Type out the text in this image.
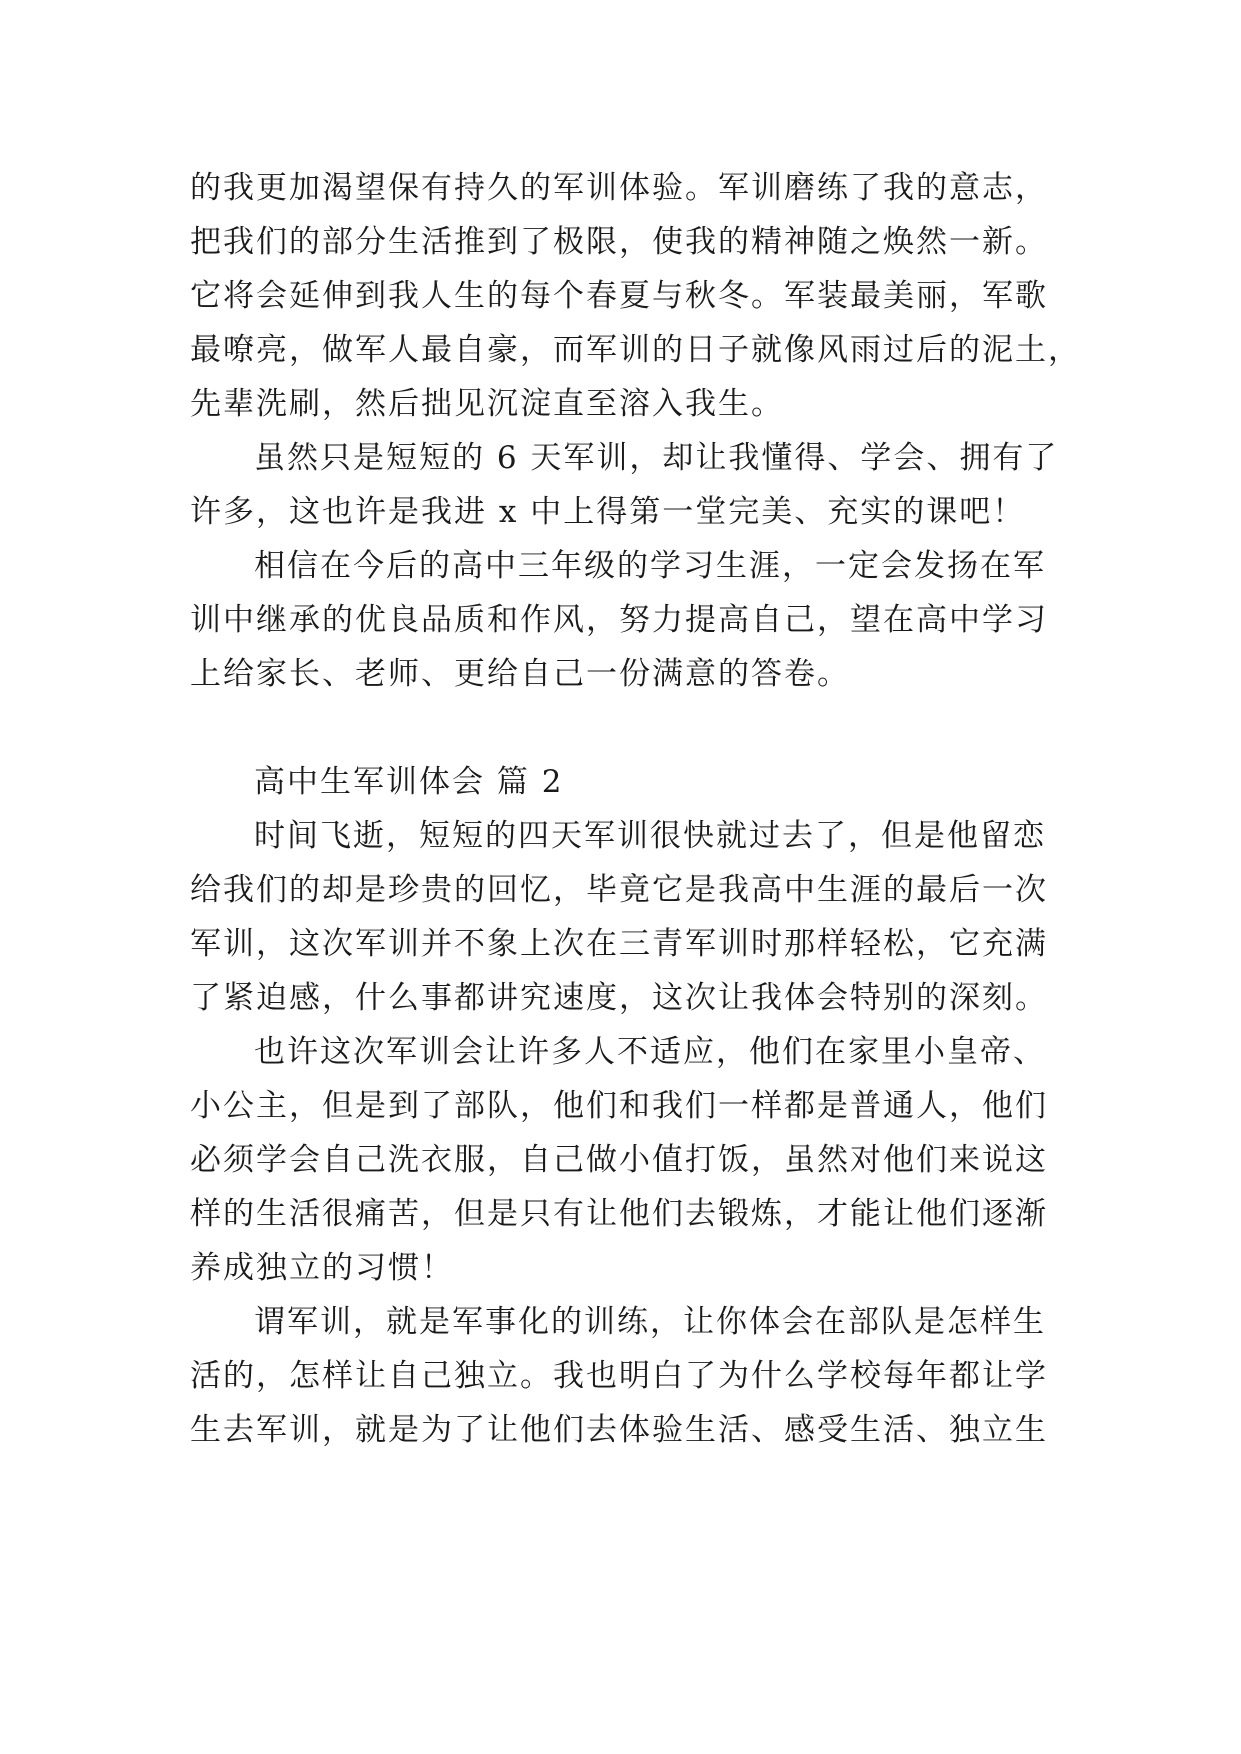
的我更加渴望保有持久的军训体验。军训磨练了我的意志，
把我们的部分生活推到了极限，使我的精神随之焕然一新。
它将会延伸到我人生的每个春夏与秋冬。军装最美丽，军歌
最嘹亮，做军人最自豪，而军训的日子就像风雨过后的泥土，
先辈洗刷，然后拙见沉淀直至溶入我生。
虽然只是短短的 6 天军训，却让我懂得、学会、拥有了
许多，这也许是我进 x 中上得第一堂完美、充实的课吧！
相信在今后的高中三年级的学习生涯，一定会发扬在军
训中继承的优良品质和作风，努力提高自己，望在高中学习
上给家长、老师、更给自己一份满意的答卷。
高中生军训体会 篇 2
时间飞逝，短短的四天军训很快就过去了，但是他留恋
给我们的却是珍贵的回忆，毕竟它是我高中生涯的最后一次
军训，这次军训并不象上次在三青军训时那样轻松，它充满
了紧迫感，什么事都讲究速度，这次让我体会特别的深刻。
也许这次军训会让许多人不适应，他们在家里小皇帝、
小公主，但是到了部队，他们和我们一样都是普通人，他们
必须学会自己洗衣服，自己做小值打饭，虽然对他们来说这
样的生活很痛苦，但是只有让他们去锻炼，才能让他们逐渐
养成独立的习惯！
谓军训，就是军事化的训练，让你体会在部队是怎样生
活的，怎样让自己独立。我也明白了为什么学校每年都让学
生去军训，就是为了让他们去体验生活、感受生活、独立生
